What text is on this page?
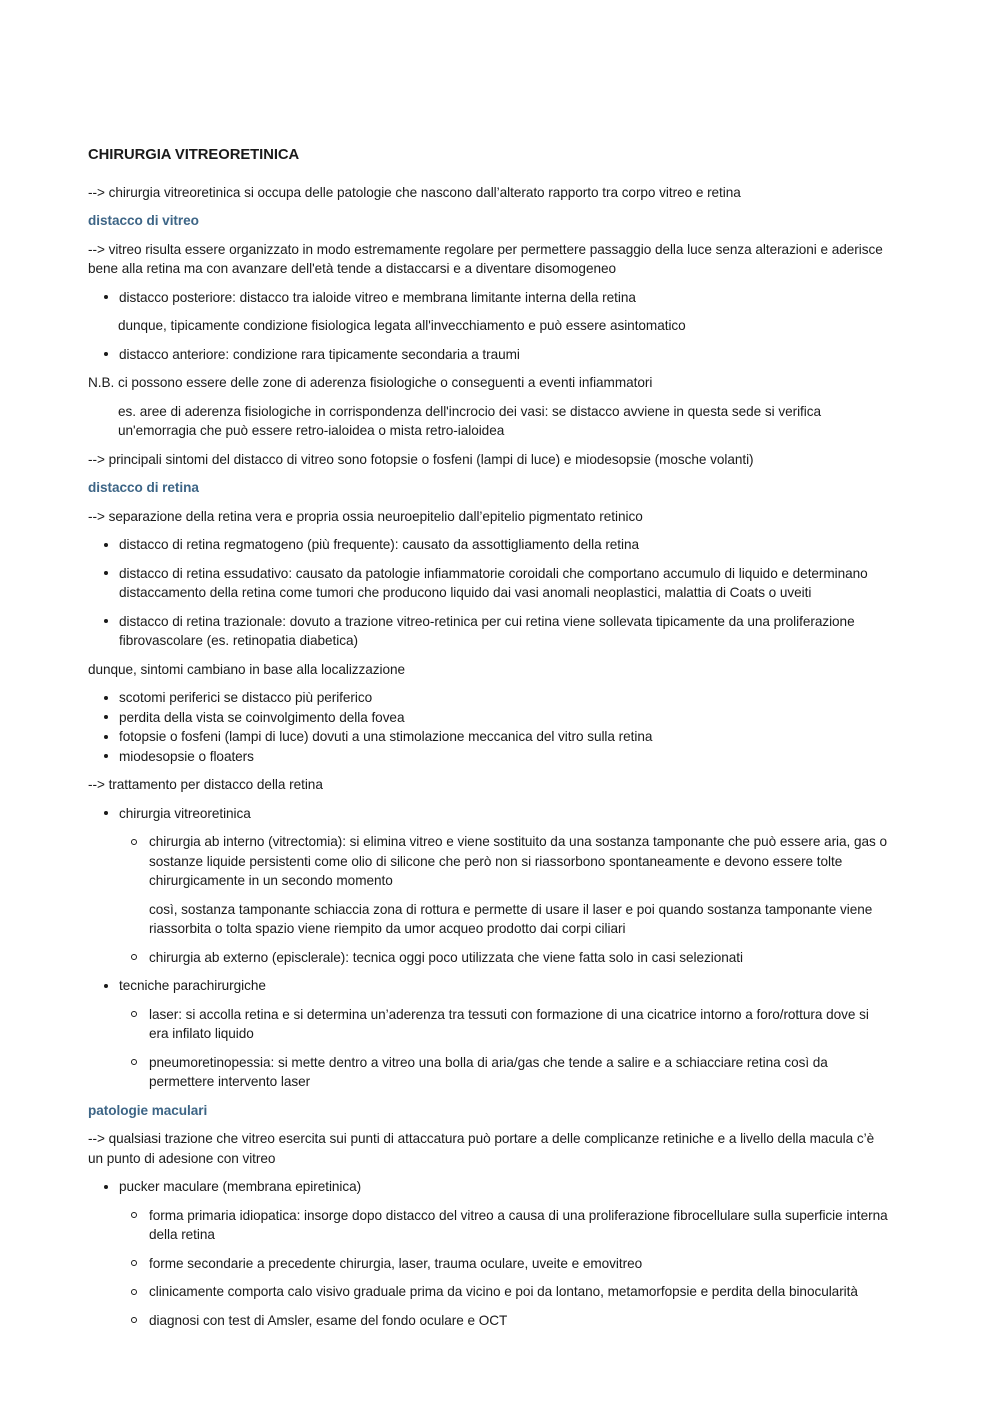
CHIRURGIA VITREORETINICA

--> chirurgia vitreoretinica si occupa delle patologie che nascono dall’alterato rapporto tra corpo vitreo e retina

distacco di vitreo

--> vitreo risulta essere organizzato in modo estremamente regolare per permettere passaggio della luce senza alterazioni e aderisce bene alla retina ma con avanzare dell'età tende a distaccarsi e a diventare disomogeneo

distacco posteriore: distacco tra ialoide vitreo e membrana limitante interna della retina

dunque, tipicamente condizione fisiologica legata all'invecchiamento e può essere asintomatico

distacco anteriore: condizione rara tipicamente secondaria a traumi

N.B. ci possono essere delle zone di aderenza fisiologiche o conseguenti a eventi infiammatori

es. aree di aderenza fisiologiche in corrispondenza dell'incrocio dei vasi: se distacco avviene in questa sede si verifica un'emorragia che può essere retro-ialoidea o mista retro-ialoidea

--> principali sintomi del distacco di vitreo sono fotopsie o fosfeni (lampi di luce) e miodesopsie (mosche volanti)

distacco di retina

--> separazione della retina vera e propria ossia neuroepitelio dall’epitelio pigmentato retinico

distacco di retina regmatogeno (più frequente): causato da assottigliamento della retina
distacco di retina essudativo: causato da patologie infiammatorie coroidali che comportano accumulo di liquido e determinano distaccamento della retina come tumori che producono liquido dai vasi anomali neoplastici, malattia di Coats o uveiti
distacco di retina trazionale: dovuto a trazione vitreo-retinica per cui retina viene sollevata tipicamente da una proliferazione fibrovascolare (es. retinopatia diabetica)

dunque, sintomi cambiano in base alla localizzazione

scotomi periferici se distacco più periferico
perdita della vista se coinvolgimento della fovea
fotopsie o fosfeni (lampi di luce) dovuti a una stimolazione meccanica del vitro sulla retina
miodesopsie o floaters

--> trattamento per distacco della retina

chirurgia vitreoretinica
chirurgia ab interno (vitrectomia): si elimina vitreo e viene sostituito da una sostanza tamponante che può essere aria, gas o sostanze liquide persistenti come olio di silicone che però non si riassorbono spontaneamente e devono essere tolte chirurgicamente in un secondo momento

così, sostanza tamponante schiaccia zona di rottura e permette di usare il laser e poi quando sostanza tamponante viene riassorbita o tolta spazio viene riempito da umor acqueo prodotto dai corpi ciliari

chirurgia ab externo (episclerale): tecnica oggi poco utilizzata che viene fatta solo in casi selezionati
tecniche parachirurgiche
laser: si accolla retina e si determina un’aderenza tra tessuti con formazione di una cicatrice intorno a foro/rottura dove si era infilato liquido
pneumoretinopessia: si mette dentro a vitreo una bolla di aria/gas che tende a salire e a schiacciare retina così da permettere intervento laser
patologie maculari

--> qualsiasi trazione che vitreo esercita sui punti di attaccatura può portare a delle complicanze retiniche e a livello della macula c’è un punto di adesione con vitreo

pucker maculare (membrana epiretinica)
forma primaria idiopatica: insorge dopo distacco del vitreo a causa di una proliferazione fibrocellulare sulla superficie interna della retina
forme secondarie a precedente chirurgia, laser, trauma oculare, uveite e emovitreo
clinicamente comporta calo visivo graduale prima da vicino e poi da lontano, metamorfopsie e perdita della binocularità
diagnosi con test di Amsler, esame del fondo oculare e OCT
